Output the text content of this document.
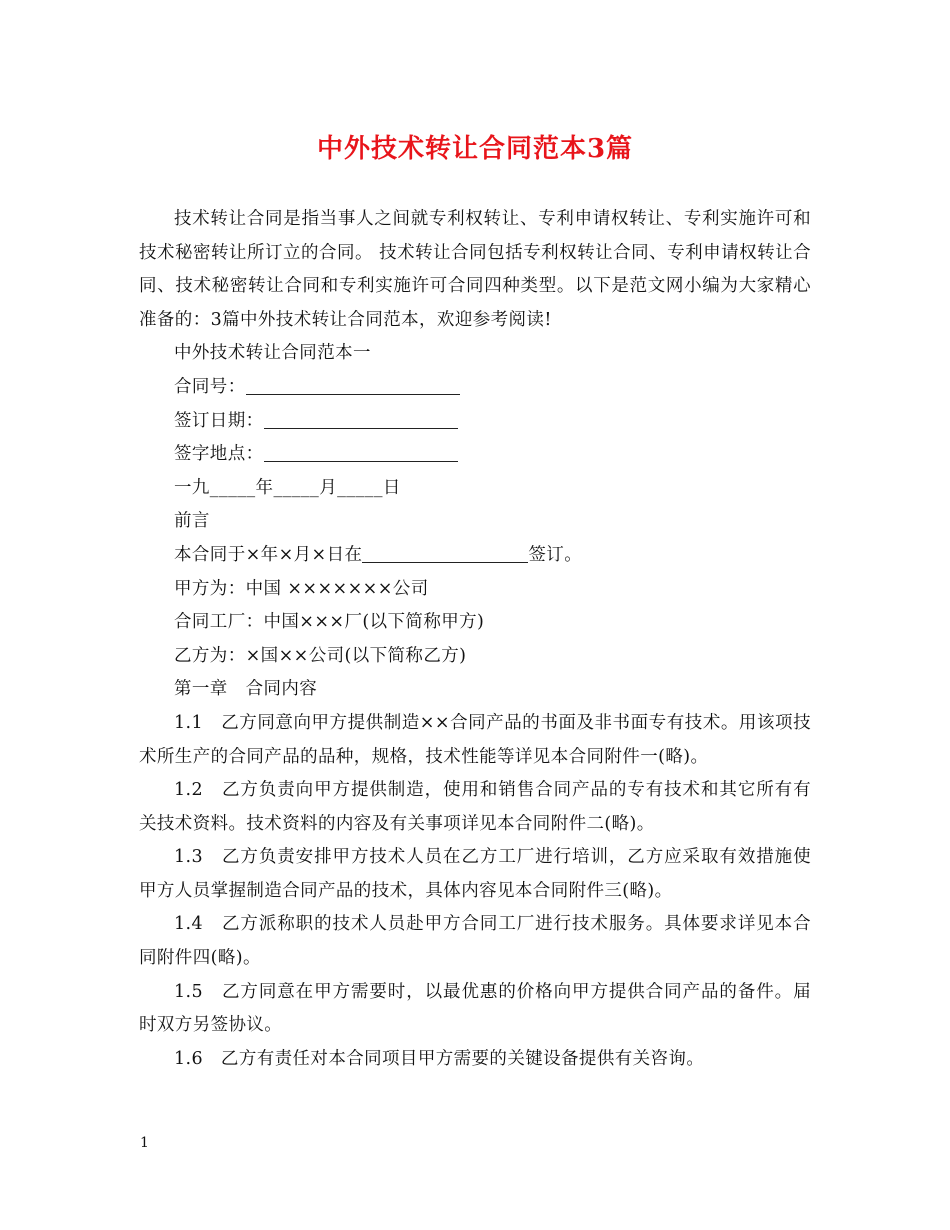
中外技术转让合同范本3篇

技术转让合同是指当事人之间就专利权转让、专利申请权转让、专利实施许可和技术秘密转让所订立的合同。 技术转让合同包括专利权转让合同、专利申请权转让合同、技术秘密转让合同和专利实施许可合同四种类型。以下是范文网小编为大家精心准备的：3篇中外技术转让合同范本，欢迎参考阅读!

中外技术转让合同范本一

合同号：

签订日期：

签字地点：

一九_____年_____月_____日

前言

本合同于×年×月×日在	签订。

甲方为：中国 ×××××××公司

合同工厂：中国×××厂(以下简称甲方)

乙方为：×国××公司(以下简称乙方)

第一章　合同内容

1.1　乙方同意向甲方提供制造××合同产品的书面及非书面专有技术。用该项技术所生产的合同产品的品种，规格，技术性能等详见本合同附件一(略)。

1.2　乙方负责向甲方提供制造，使用和销售合同产品的专有技术和其它所有有关技术资料。技术资料的内容及有关事项详见本合同附件二(略)。

1.3　乙方负责安排甲方技术人员在乙方工厂进行培训，乙方应采取有效措施使甲方人员掌握制造合同产品的技术，具体内容见本合同附件三(略)。

1.4　乙方派称职的技术人员赴甲方合同工厂进行技术服务。具体要求详见本合同附件四(略)。

1.5　乙方同意在甲方需要时，以最优惠的价格向甲方提供合同产品的备件。届时双方另签协议。

1.6　乙方有责任对本合同项目甲方需要的关键设备提供有关咨询。

1
